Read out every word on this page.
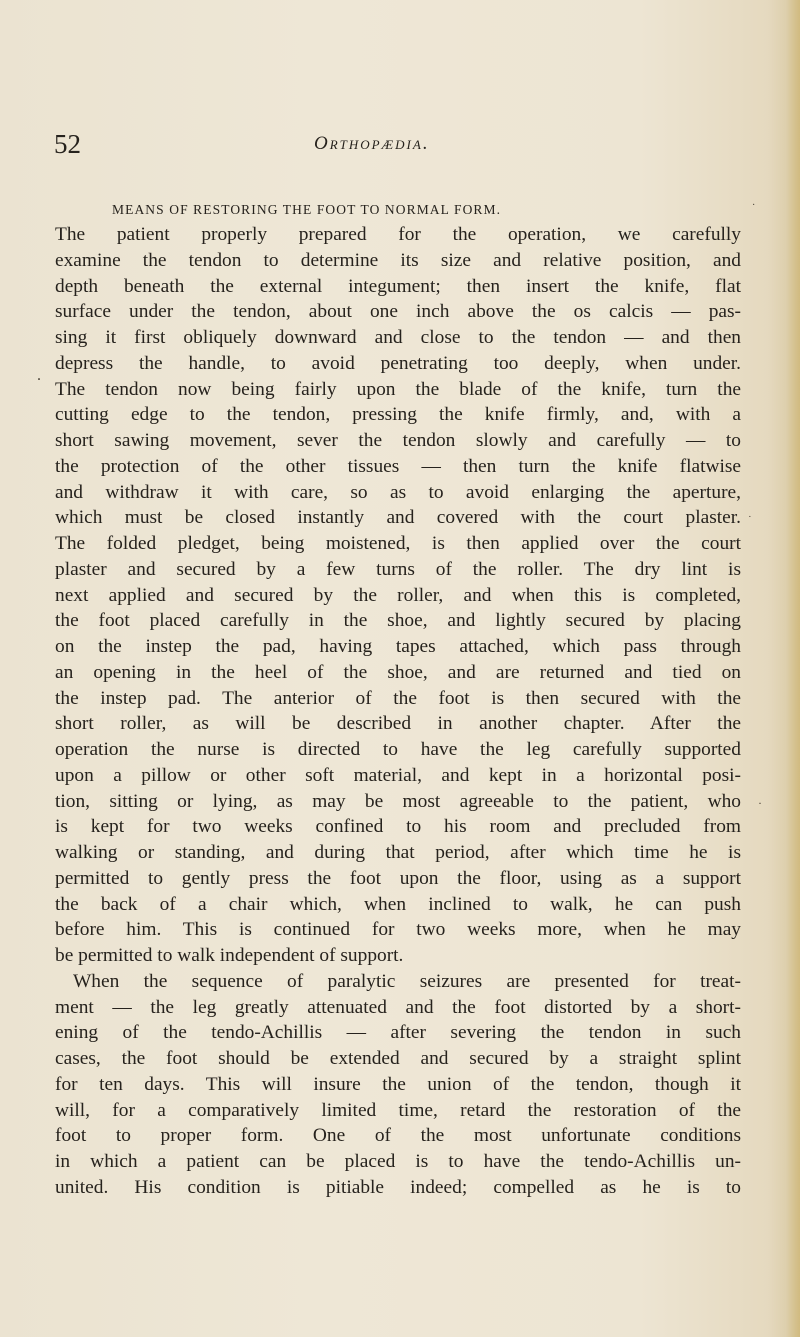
52	Orthopædia.
MEANS OF RESTORING THE FOOT TO NORMAL FORM.
The patient properly prepared for the operation, we carefully
examine the tendon to determine its size and relative position, and
depth beneath the external integument; then insert the knife, flat
surface under the tendon, about one inch above the os calcis — pas-
sing it first obliquely downward and close to the tendon — and then
depress the handle, to avoid penetrating too deeply, when under.
The tendon now being fairly upon the blade of the knife, turn the
cutting edge to the tendon, pressing the knife firmly, and, with a
short sawing movement, sever the tendon slowly and carefully — to
the protection of the other tissues — then turn the knife flatwise
and withdraw it with care, so as to avoid enlarging the aperture,
which must be closed instantly and covered with the court plaster.
The folded pledget, being moistened, is then applied over the court
plaster and secured by a few turns of the roller. The dry lint is
next applied and secured by the roller, and when this is completed,
the foot placed carefully in the shoe, and lightly secured by placing
on the instep the pad, having tapes attached, which pass through
an opening in the heel of the shoe, and are returned and tied on
the instep pad. The anterior of the foot is then secured with the
short roller, as will be described in another chapter. After the
operation the nurse is directed to have the leg carefully supported
upon a pillow or other soft material, and kept in a horizontal posi-
tion, sitting or lying, as may be most agreeable to the patient, who
is kept for two weeks confined to his room and precluded from
walking or standing, and during that period, after which time he is
permitted to gently press the foot upon the floor, using as a support
the back of a chair which, when inclined to walk, he can push
before him. This is continued for two weeks more, when he may
be permitted to walk independent of support.
When the sequence of paralytic seizures are presented for treat-
ment — the leg greatly attenuated and the foot distorted by a short-
ening of the tendo-Achillis — after severing the tendon in such
cases, the foot should be extended and secured by a straight splint
for ten days. This will insure the union of the tendon, though it
will, for a comparatively limited time, retard the restoration of the
foot to proper form. One of the most unfortunate conditions
in which a patient can be placed is to have the tendo-Achillis un-
united. His condition is pitiable indeed; compelled as he is to
.
˙
·
·
